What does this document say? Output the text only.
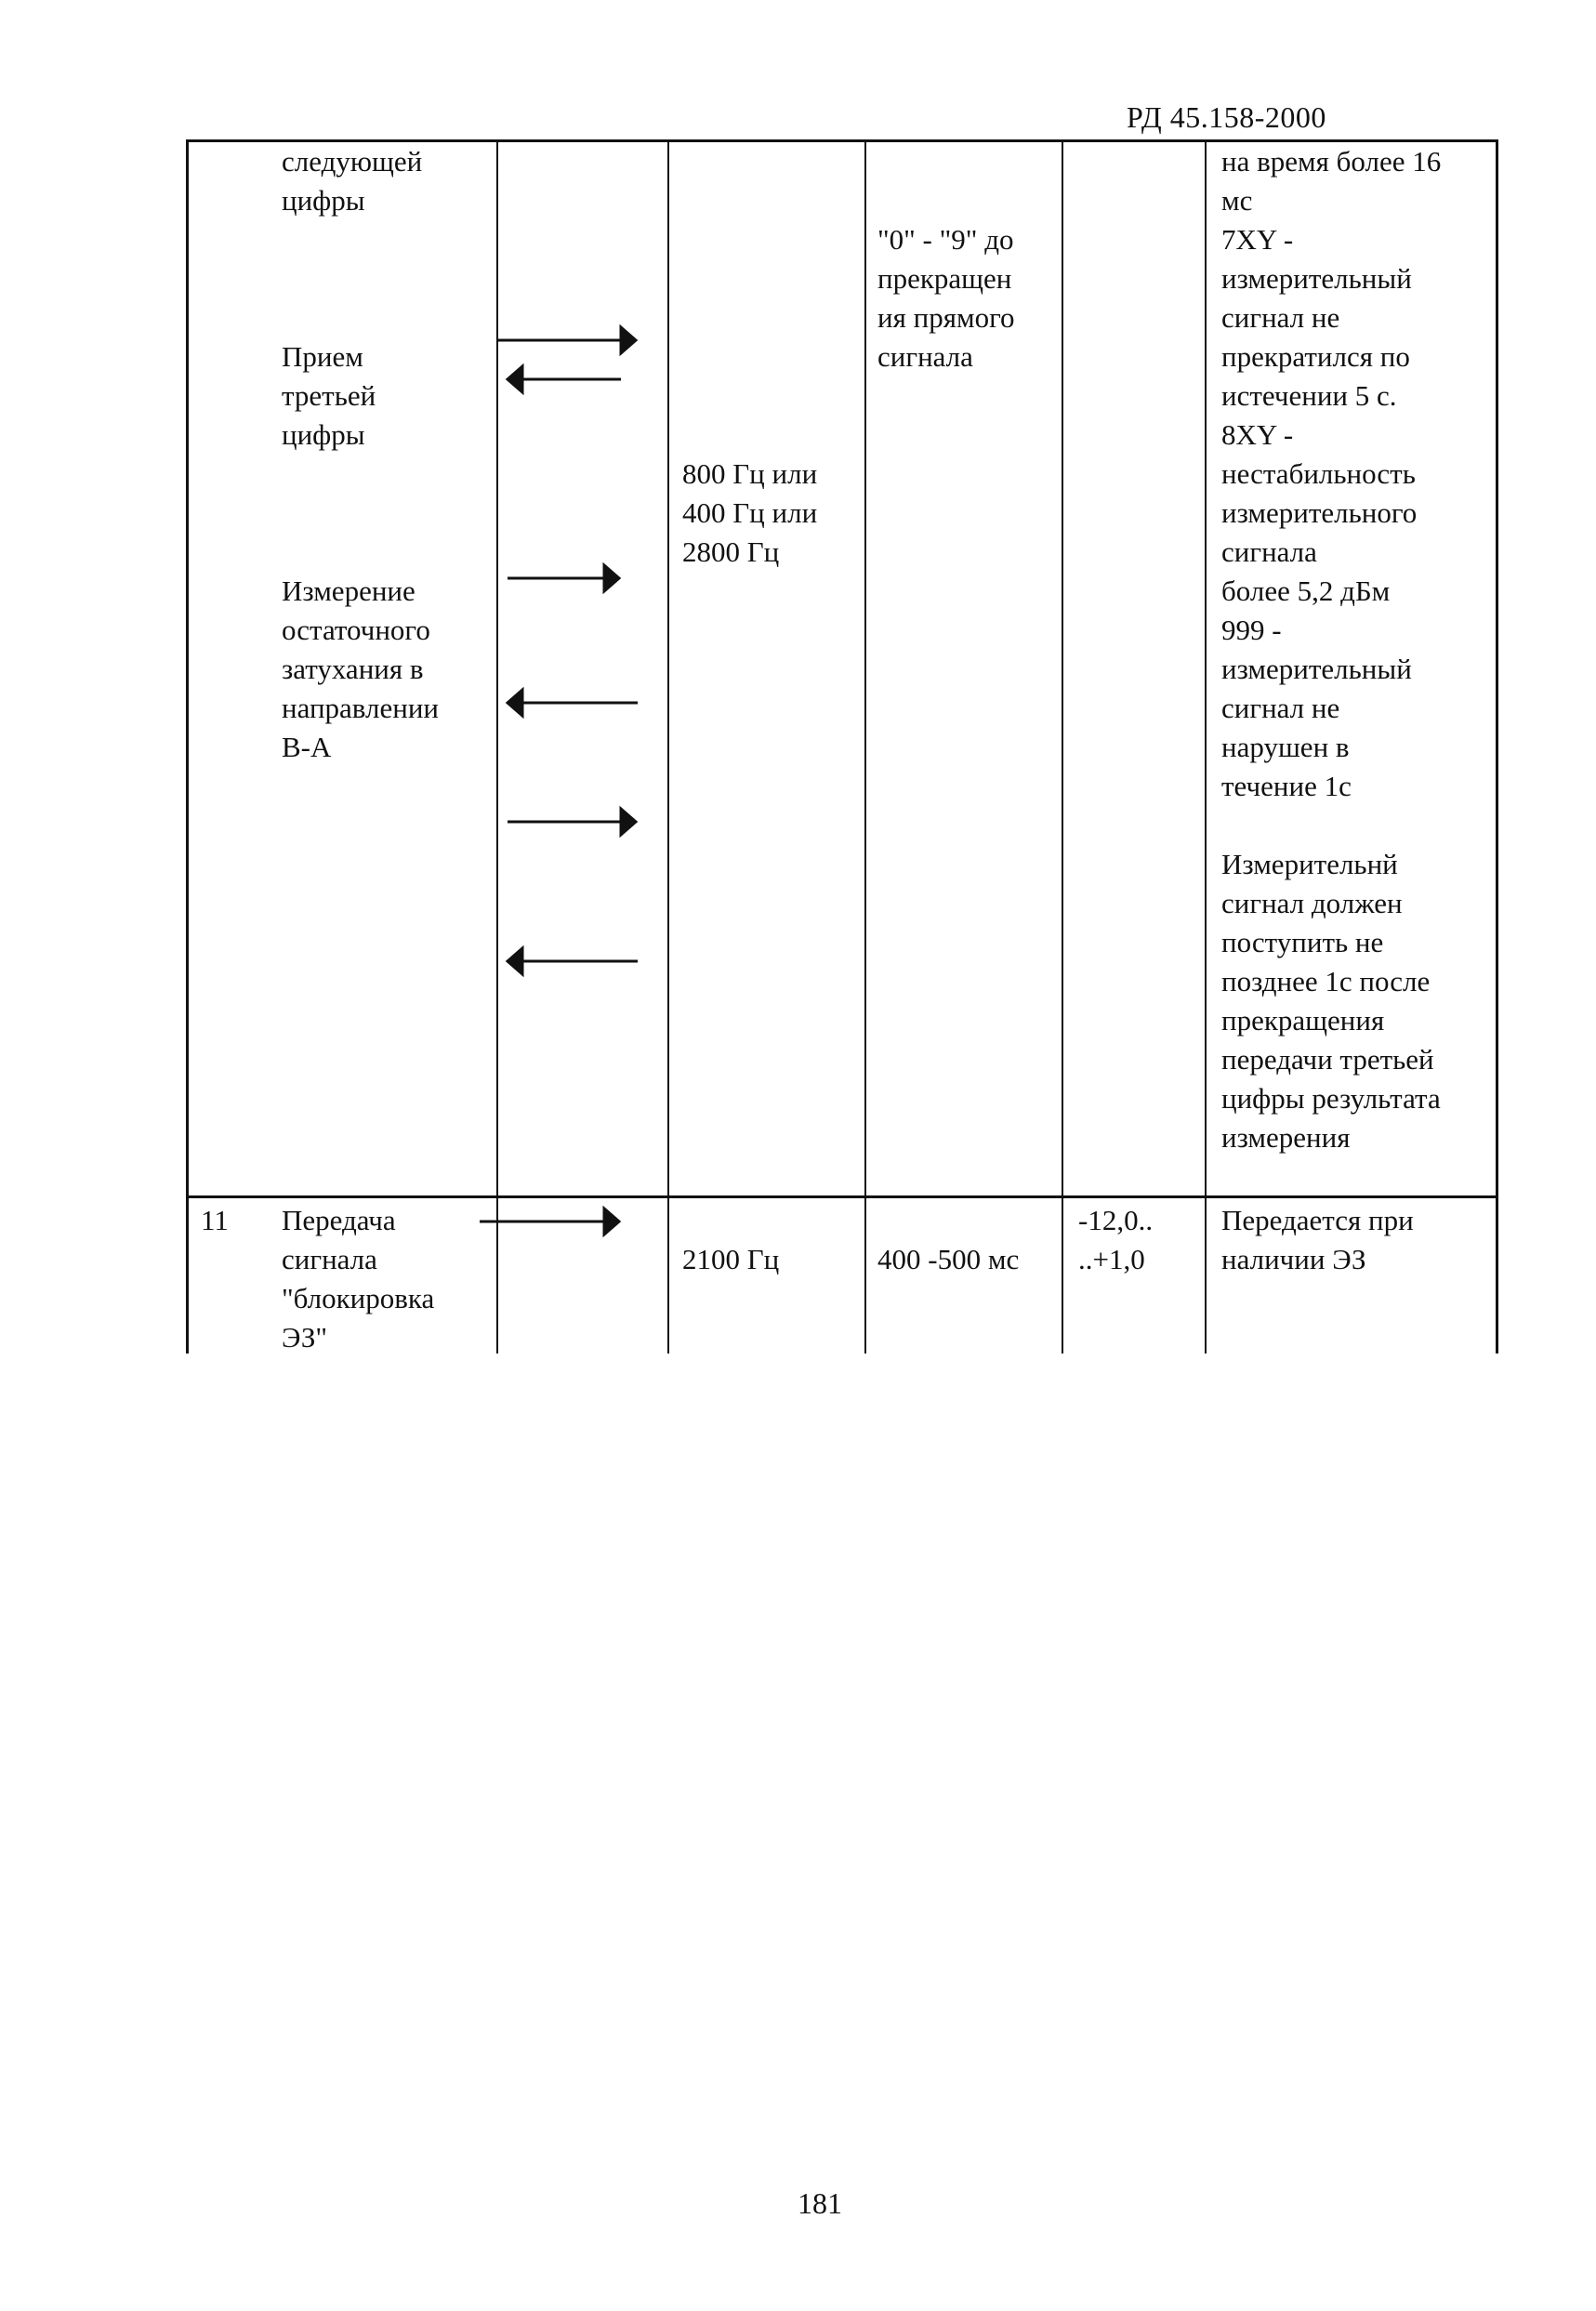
РД 45.158-2000
следующей
цифры

Прием
третьей
цифры

Измерение
остаточного
затухания в
направлении
В-А
800 Гц или
400 Гц или
2800 Гц
"0" - "9" до
прекращен
ия прямого
сигнала
на время более 16
мс
7XY -
измерительный
сигнал не
прекратился по
истечении 5 с.
8XY -
нестабильность
измерительного
сигнала
более 5,2 дБм
999 -
измерительный
сигнал не
нарушен в
течение 1с

Измерительнй
сигнал должен
поступить не
позднее 1с после
прекращения
передачи третьей
цифры результата
измерения
11 Передача
сигнала
"блокировка
ЭЗ"
2100 Гц	400 -500 мс
-12,0..
..+1,0
Передается при
наличии ЭЗ
181
